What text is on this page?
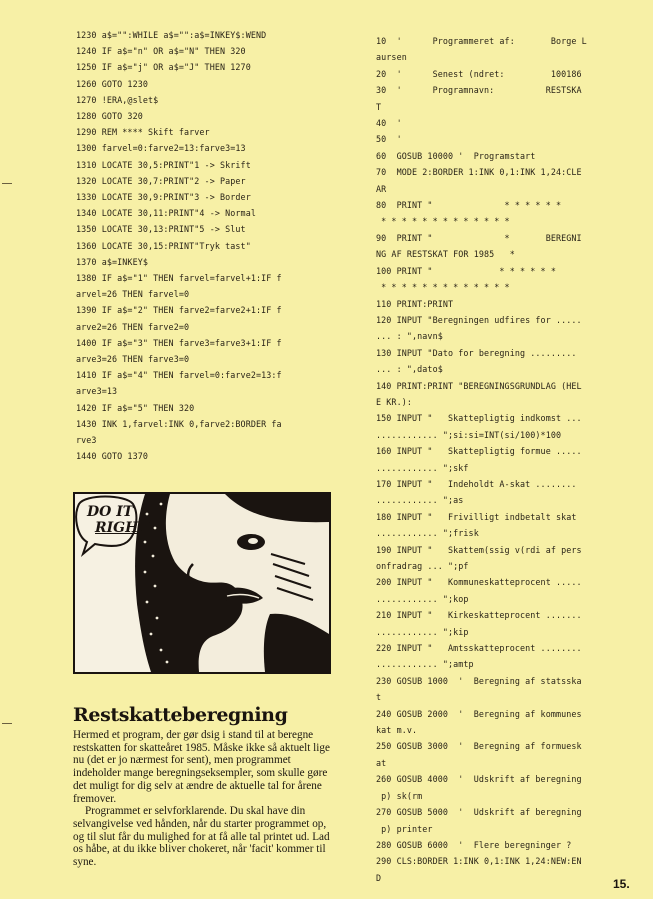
1230 a$="":WHILE a$="":a$=INKEY$:WEND
1240 IF a$="n" OR a$="N" THEN 320
1250 IF a$="j" OR a$="J" THEN 1270
1260 GOTO 1230
1270 !ERA,@slet$
1280 GOTO 320
1290 REM **** Skift farver
1300 farvel=0:farve2=13:farve3=13
1310 LOCATE 30,5:PRINT"1 -> Skrift
1320 LOCATE 30,7:PRINT"2 -> Paper
1330 LOCATE 30,9:PRINT"3 -> Border
1340 LOCATE 30,11:PRINT"4 -> Normal
1350 LOCATE 30,13:PRINT"5 -> Slut
1360 LOCATE 30,15:PRINT"Tryk tast"
1370 a$=INKEY$
1380 IF a$="1" THEN farvel=farvel+1:IF f
arvel=26 THEN farvel=0
1390 IF a$="2" THEN farve2=farve2+1:IF f
arve2=26 THEN farve2=0
1400 IF a$="3" THEN farve3=farve3+1:IF f
arve3=26 THEN farve3=0
1410 IF a$="4" THEN farvel=0:farve2=13:f
arve3=13
1420 IF a$="5" THEN 320
1430 INK 1,farvel:INK 0,farve2:BORDER fa
rve3
1440 GOTO 1370
10  '      Programmeret af:       Borge L
aursen
20  '      Senest (ndret:         100186
30  '      Programnavn:          RESTSKA
T
40  '
50  '
60  GOSUB 10000 '  Programstart
70  MODE 2:BORDER 1:INK 0,1:INK 1,24:CLE
AR
80  PRINT "              * * * * * *
* * * * * * * * * * * * *
90  PRINT "              *       BEREGNI
NG AF RESTSKAT FOR 1985   *
100 PRINT "             * * * * * *
* * * * * * * * * * * * *
110 PRINT:PRINT
120 INPUT "Beregningen udfires for .....
... : ",navn$
130 INPUT "Dato for beregning .........
... : ",dato$
140 PRINT:PRINT "BEREGNINGSGRUNDLAG (HEL
E KR.):
150 INPUT "   Skattepligtig indkomst ...
............ ";si:si=INT(si/100)*100
160 INPUT "   Skattepligtig formue .....
............ ";skf
170 INPUT "   Indeholdt A-skat ........
............ ";as
180 INPUT "   Frivilligt indbetalt skat
............ ";frisk
190 INPUT "   Skattem(ssig v(rdi af pers
onfradrag ... ";pf
200 INPUT "   Kommuneskatteprocent .....
............ ";kop
210 INPUT "   Kirkeskatteprocent .......
............ ";kip
220 INPUT "   Amtsskatteprocent ........
............ ";amtp
230 GOSUB 1000  '  Beregning af statsska
t
240 GOSUB 2000  '  Beregning af kommunes
kat m.v.
250 GOSUB 3000  '  Beregning af formuesk
at
260 GOSUB 4000  '  Udskrift af beregning
p) sk(rm
270 GOSUB 5000  '  Udskrift af beregning
p) printer
280 GOSUB 6000  '  Flere beregninger ?
290 CLS:BORDER 1:INK 0,1:INK 1,24:NEW:EN
D
DO IT
RIGHT
Restskatteberegning

Hermed et program, der gør dsig i stand til at beregne restskatten for skatteåret 1985. Måske ikke så aktuelt lige nu (det er jo nærmest for sent), men programmet indeholder mange beregningseksempler, som skulle gøre det muligt for dig selv at ændre de aktuelle tal for årene fremover.

Programmet er selvforklarende. Du skal have din selvangivelse ved hånden, når du starter programmet op, og til slut får du mulighed for at få alle tal printet ud. Lad os håbe, at du ikke bliver chokeret, når 'facit' kommer til syne.

15.
